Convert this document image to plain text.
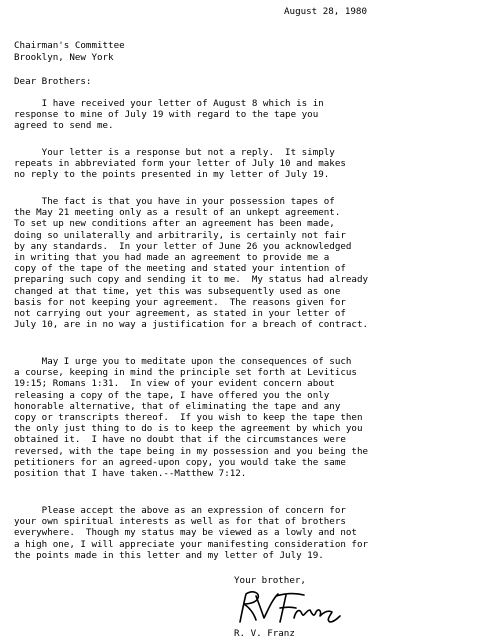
August 28, 1980
Chairman's Committee
Brooklyn, New York
Dear Brothers:
I have received your letter of August 8 which is in
response to mine of July 19 with regard to the tape you
agreed to send me.
Your letter is a response but not a reply.  It simply
repeats in abbreviated form your letter of July 10 and makes
no reply to the points presented in my letter of July 19.
The fact is that you have in your possession tapes of
the May 21 meeting only as a result of an unkept agreement.
To set up new conditions after an agreement has been made,
doing so unilaterally and arbitrarily, is certainly not fair
by any standards.  In your letter of June 26 you acknowledged
in writing that you had made an agreement to provide me a
copy of the tape of the meeting and stated your intention of
preparing such copy and sending it to me.  My status had already
changed at that time, yet this was subsequently used as one
basis for not keeping your agreement.  The reasons given for
not carrying out your agreement, as stated in your letter of
July 10, are in no way a justification for a breach of contract.
May I urge you to meditate upon the consequences of such
a course, keeping in mind the principle set forth at Leviticus
19:15; Romans 1:31.  In view of your evident concern about
releasing a copy of the tape, I have offered you the only
honorable alternative, that of eliminating the tape and any
copy or transcripts thereof.  If you wish to keep the tape then
the only just thing to do is to keep the agreement by which you
obtained it.  I have no doubt that if the circumstances were
reversed, with the tape being in my possession and you being the
petitioners for an agreed-upon copy, you would take the same
position that I have taken.--Matthew 7:12.
Please accept the above as an expression of concern for
your own spiritual interests as well as for that of brothers
everywhere.  Though my status may be viewed as a lowly and not
a high one, I will appreciate your manifesting consideration for
the points made in this letter and my letter of July 19.
Your brother,
R. V. Franz
